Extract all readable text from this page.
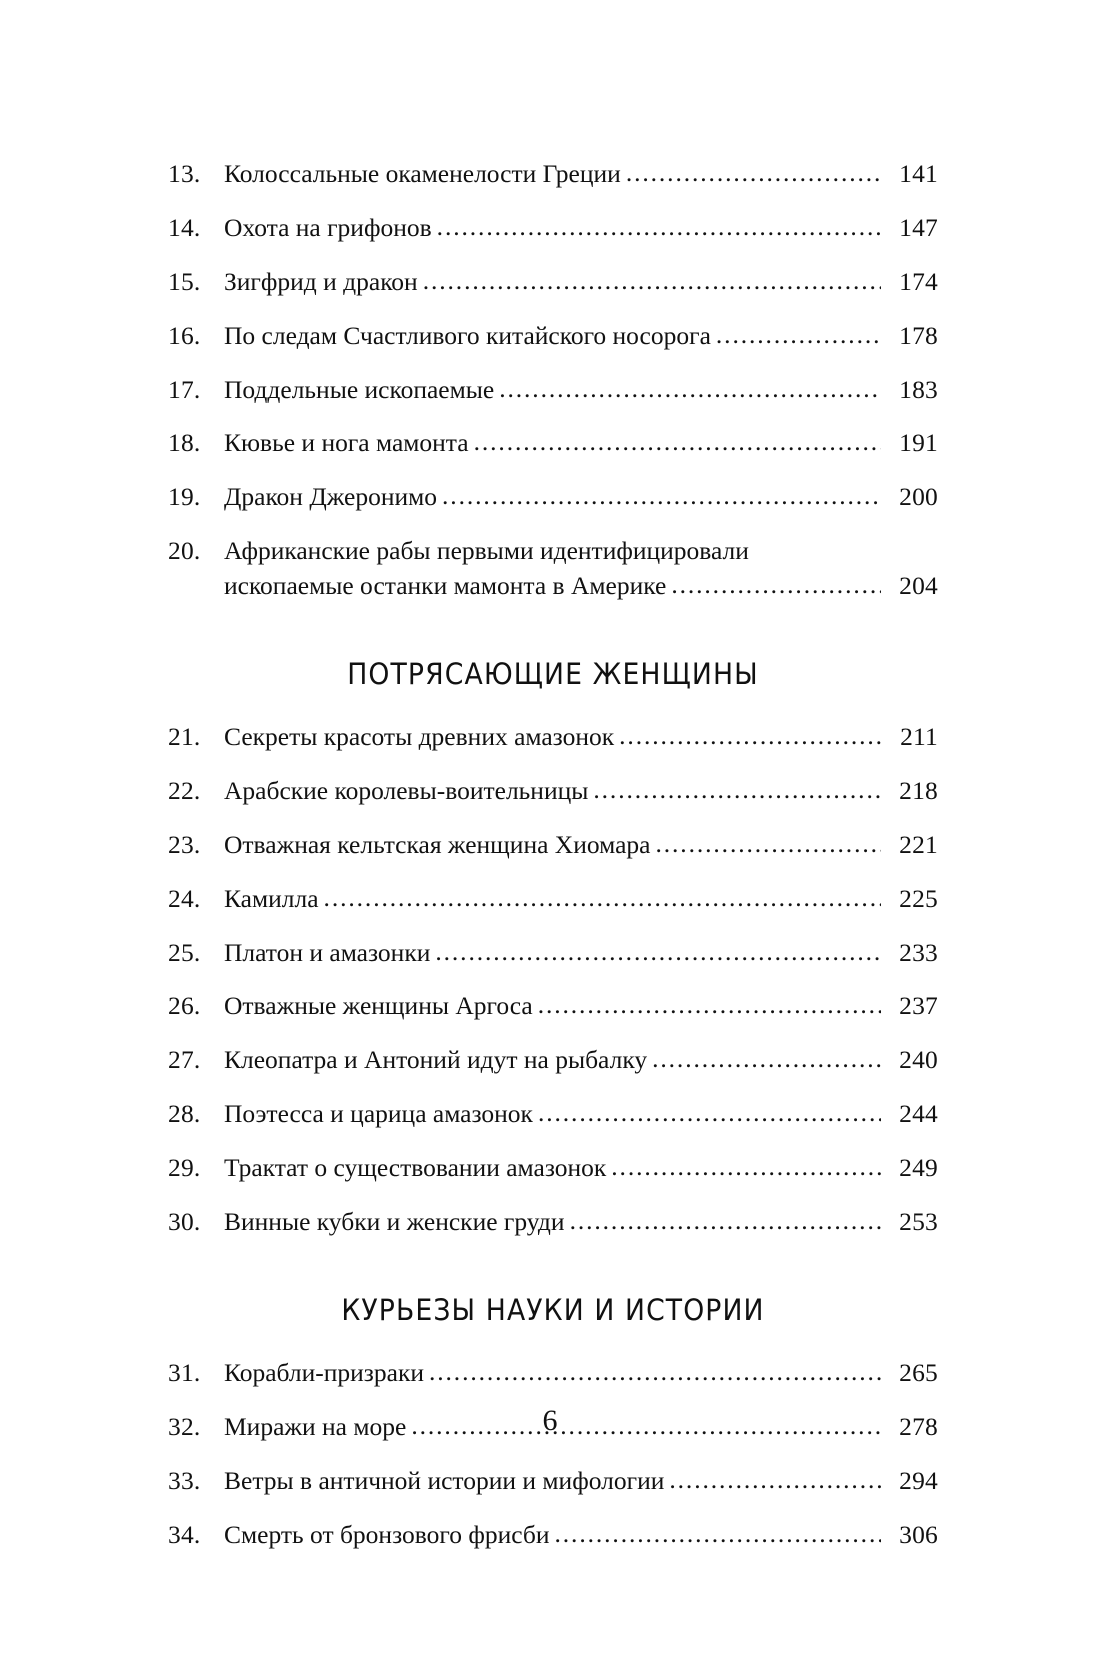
13. Колоссальные окаменелости Греции .....	141
14. Охота на грифонов .....	147
15. Зигфрид и дракон .....	174
16. По следам Счастливого китайского носорога .....	178
17. Поддельные ископаемые .....	183
18. Кювье и нога мамонта .....	191
19. Дракон Джеронимо .....	200
20. Африканские рабы первыми идентифицировали
ископаемые останки мамонта в Америке .....	204
ПОТРЯСАЮЩИЕ ЖЕНЩИНЫ
21. Секреты красоты древних амазонок .....	211
22. Арабские королевы-воительницы .....	218
23. Отважная кельтская женщина Хиомара .....	221
24. Камилла .....	225
25. Платон и амазонки .....	233
26. Отважные женщины Аргоса .....	237
27. Клеопатра и Антоний идут на рыбалку .....	240
28. Поэтесса и царица амазонок .....	244
29. Трактат о существовании амазонок .....	249
30. Винные кубки и женские груди .....	253
КУРЬЕЗЫ НАУКИ И ИСТОРИИ
31. Корабли-призраки .....	265
32. Миражи на море .....	278
33. Ветры в античной истории и мифологии .....	294
34. Смерть от бронзового фрисби .....	306
6
